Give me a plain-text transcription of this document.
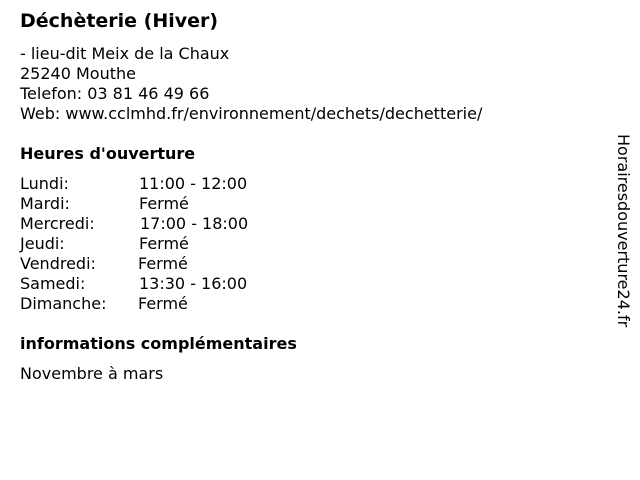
Déchèterie (Hiver)
- lieu-dit Meix de la Chaux
25240 Mouthe
Telefon: 03 81 46 49 66
Web: www.cclmhd.fr/environnement/dechets/dechetterie/
Heures d'ouverture
Lundi:	11:00 - 12:00
Mardi:	Fermé
Mercredi:	17:00 - 18:00
Jeudi:	Fermé
Vendredi:	Fermé
Samedi:	13:30 - 16:00
Dimanche: Fermé
informations complémentaires
Novembre à mars
Horairesdouverture24.fr
